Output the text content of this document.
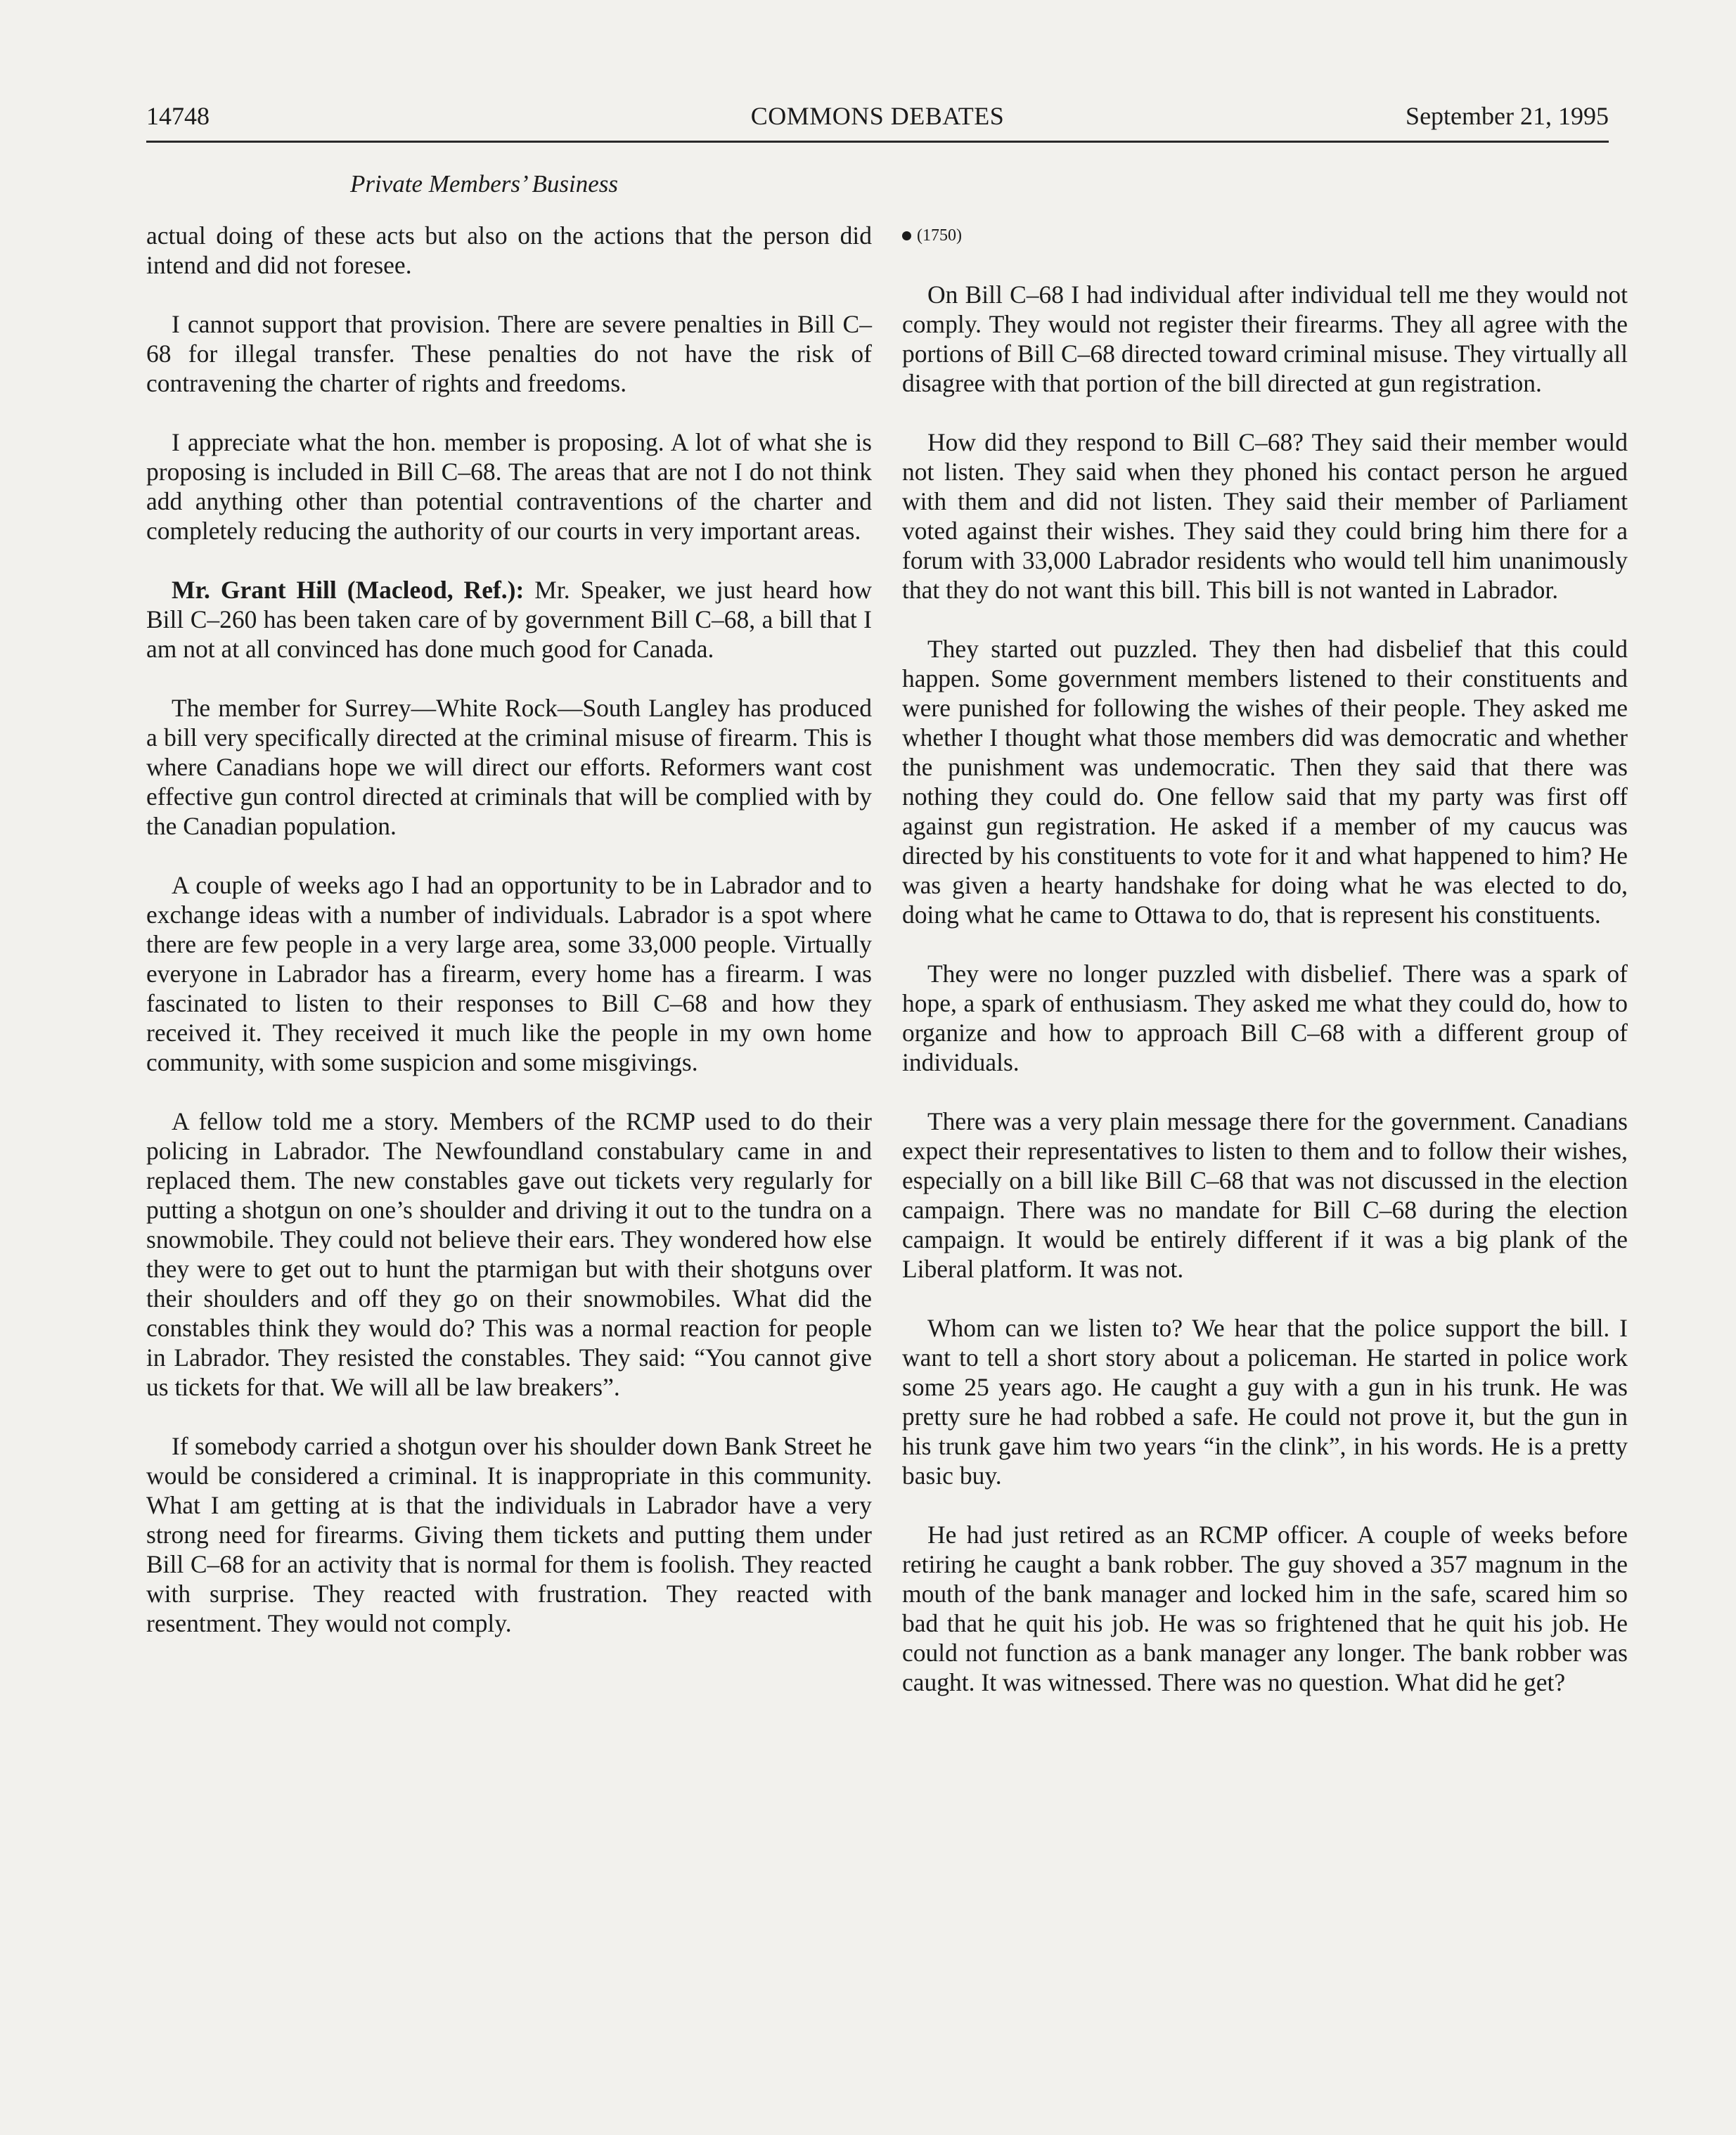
14748	COMMONS DEBATES	September 21, 1995
Private Members’ Business

actual doing of these acts but also on the actions that the person did intend and did not foresee.

I cannot support that provision. There are severe penalties in Bill C–68 for illegal transfer. These penalties do not have the risk of contravening the charter of rights and freedoms.

I appreciate what the hon. member is proposing. A lot of what she is proposing is included in Bill C–68. The areas that are not I do not think add anything other than potential contraventions of the charter and completely reducing the authority of our courts in very important areas.

Mr. Grant Hill (Macleod, Ref.): Mr. Speaker, we just heard how Bill C–260 has been taken care of by government Bill C–68, a bill that I am not at all convinced has done much good for Canada.

The member for Surrey—White Rock—South Langley has produced a bill very specifically directed at the criminal misuse of firearm. This is where Canadians hope we will direct our efforts. Reformers want cost effective gun control directed at criminals that will be complied with by the Canadian population.

A couple of weeks ago I had an opportunity to be in Labrador and to exchange ideas with a number of individuals. Labrador is a spot where there are few people in a very large area, some 33,000 people. Virtually everyone in Labrador has a firearm, every home has a firearm. I was fascinated to listen to their responses to Bill C–68 and how they received it. They received it much like the people in my own home community, with some suspicion and some misgivings.

A fellow told me a story. Members of the RCMP used to do their policing in Labrador. The Newfoundland constabulary came in and replaced them. The new constables gave out tickets very regularly for putting a shotgun on one’s shoulder and driving it out to the tundra on a snowmobile. They could not believe their ears. They wondered how else they were to get out to hunt the ptarmigan but with their shotguns over their shoulders and off they go on their snowmobiles. What did the constables think they would do? This was a normal reaction for people in Labrador. They resisted the constables. They said: “You cannot give us tickets for that. We will all be law breakers”.

If somebody carried a shotgun over his shoulder down Bank Street he would be considered a criminal. It is inappropriate in this community. What I am getting at is that the individuals in Labrador have a very strong need for firearms. Giving them tickets and putting them under Bill C–68 for an activity that is normal for them is foolish. They reacted with surprise. They reacted with frustration. They reacted with resentment. They would not comply.

(1750)

On Bill C–68 I had individual after individual tell me they would not comply. They would not register their firearms. They all agree with the portions of Bill C–68 directed toward criminal misuse. They virtually all disagree with that portion of the bill directed at gun registration.

How did they respond to Bill C–68? They said their member would not listen. They said when they phoned his contact person he argued with them and did not listen. They said their member of Parliament voted against their wishes. They said they could bring him there for a forum with 33,000 Labrador residents who would tell him unanimously that they do not want this bill. This bill is not wanted in Labrador.

They started out puzzled. They then had disbelief that this could happen. Some government members listened to their constituents and were punished for following the wishes of their people. They asked me whether I thought what those members did was democratic and whether the punishment was undemocratic. Then they said that there was nothing they could do. One fellow said that my party was first off against gun registration. He asked if a member of my caucus was directed by his constituents to vote for it and what happened to him? He was given a hearty handshake for doing what he was elected to do, doing what he came to Ottawa to do, that is represent his constituents.

They were no longer puzzled with disbelief. There was a spark of hope, a spark of enthusiasm. They asked me what they could do, how to organize and how to approach Bill C–68 with a different group of individuals.

There was a very plain message there for the government. Canadians expect their representatives to listen to them and to follow their wishes, especially on a bill like Bill C–68 that was not discussed in the election campaign. There was no mandate for Bill C–68 during the election campaign. It would be entirely different if it was a big plank of the Liberal platform. It was not.

Whom can we listen to? We hear that the police support the bill. I want to tell a short story about a policeman. He started in police work some 25 years ago. He caught a guy with a gun in his trunk. He was pretty sure he had robbed a safe. He could not prove it, but the gun in his trunk gave him two years “in the clink”, in his words. He is a pretty basic buy.

He had just retired as an RCMP officer. A couple of weeks before retiring he caught a bank robber. The guy shoved a 357 magnum in the mouth of the bank manager and locked him in the safe, scared him so bad that he quit his job. He was so frightened that he quit his job. He could not function as a bank manager any longer. The bank robber was caught. It was witnessed. There was no question. What did he get?
